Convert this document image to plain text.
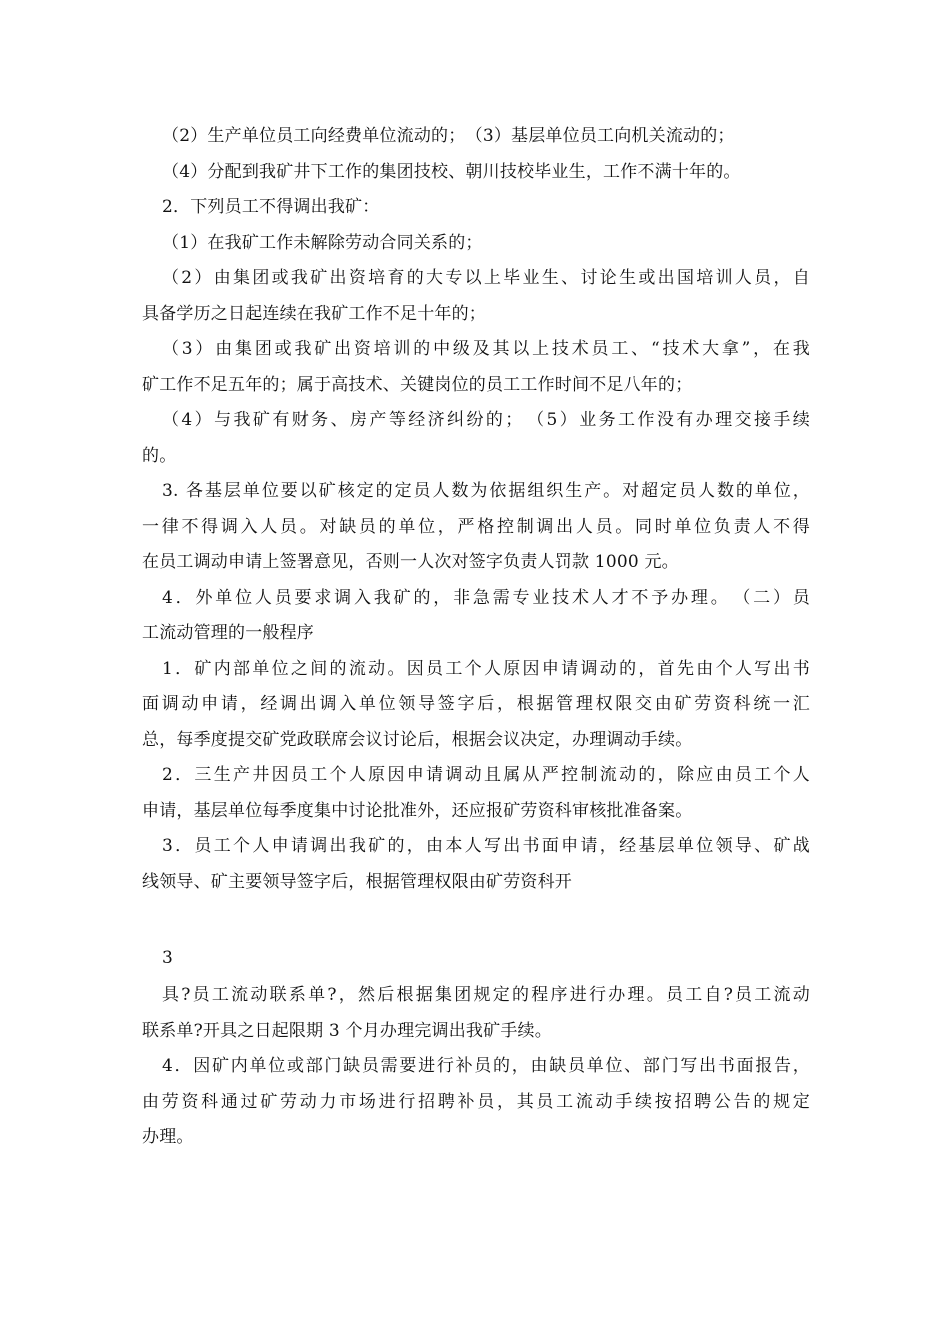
（2）生产单位员工向经费单位流动的；　（3）基层单位员工向机关流动的；
（4）分配到我矿井下工作的集团技校、朝川技校毕业生，工作不满十年的。
2．下列员工不得调出我矿：
（1）在我矿工作未解除劳动合同关系的；
（2）由集团或我矿出资培育的大专以上毕业生、讨论生或出国培训人员，自
具备学历之日起连续在我矿工作不足十年的；
（3）由集团或我矿出资培训的中级及其以上技术员工、“技术大拿”，在我
矿工作不足五年的；属于高技术、关键岗位的员工工作时间不足八年的；
（4）与我矿有财务、房产等经济纠纷的；　（5）业务工作没有办理交接手续
的。
3. 各基层单位要以矿核定的定员人数为依据组织生产。对超定员人数的单位，
一律不得调入人员。对缺员的单位，严格控制调出人员。同时单位负责人不得
在员工调动申请上签署意见，否则一人次对签字负责人罚款 1000 元。
4．外单位人员要求调入我矿的，非急需专业技术人才不予办理。　（二）员
工流动管理的一般程序
1．矿内部单位之间的流动。因员工个人原因申请调动的，首先由个人写出书
面调动申请，经调出调入单位领导签字后，根据管理权限交由矿劳资科统一汇
总，每季度提交矿党政联席会议讨论后，根据会议决定，办理调动手续。
2．三生产井因员工个人原因申请调动且属从严控制流动的，除应由员工个人
申请，基层单位每季度集中讨论批准外，还应报矿劳资科审核批准备案。
3．员工个人申请调出我矿的，由本人写出书面申请，经基层单位领导、矿战
线领导、矿主要领导签字后，根据管理权限由矿劳资科开
3
具?员工流动联系单?，然后根据集团规定的程序进行办理。员工自?员工流动
联系单?开具之日起限期 3 个月办理完调出我矿手续。
4．因矿内单位或部门缺员需要进行补员的，由缺员单位、部门写出书面报告，
由劳资科通过矿劳动力市场进行招聘补员，其员工流动手续按招聘公告的规定
办理。
